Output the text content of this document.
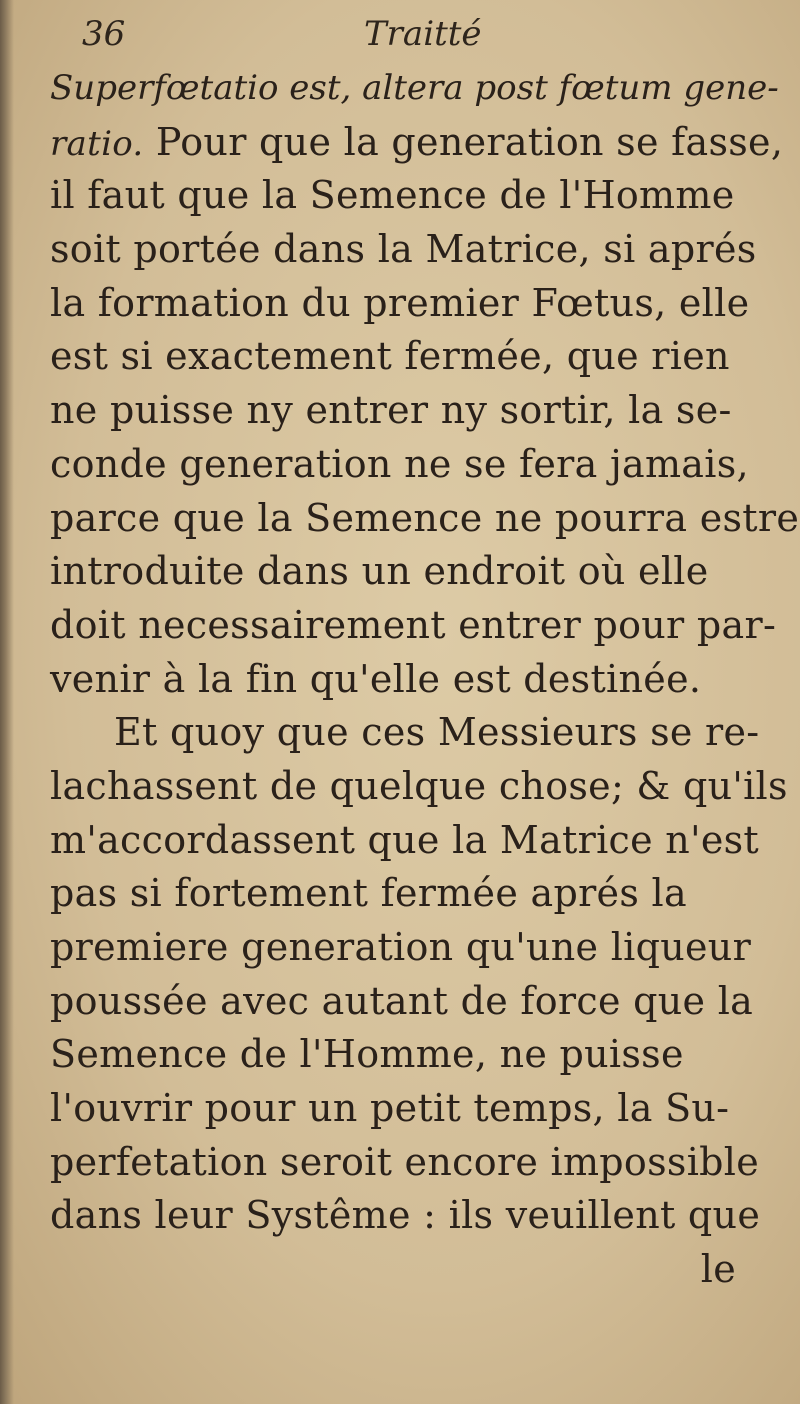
36	Traitté
Superfœtatio est, altera post fœtum gene-
ratio. Pour que la generation se fasse,
il faut que la Semence de l'Homme
soit portée dans la Matrice, si aprés
la formation du premier Fœtus, elle
est si exactement fermée, que rien
ne puisse ny entrer ny sortir, la se-
conde generation ne se fera jamais,
parce que la Semence ne pourra estre
introduite dans un endroit où elle
doit necessairement entrer pour par-
venir à la fin qu'elle est destinée.
Et quoy que ces Messieurs se re-
lachassent de quelque chose; & qu'ils
m'accordassent que la Matrice n'est
pas si fortement fermée aprés la
premiere generation qu'une liqueur
poussée avec autant de force que la
Semence de l'Homme, ne puisse
l'ouvrir pour un petit temps, la Su-
perfetation seroit encore impossible
dans leur Systême : ils veuillent que
le
